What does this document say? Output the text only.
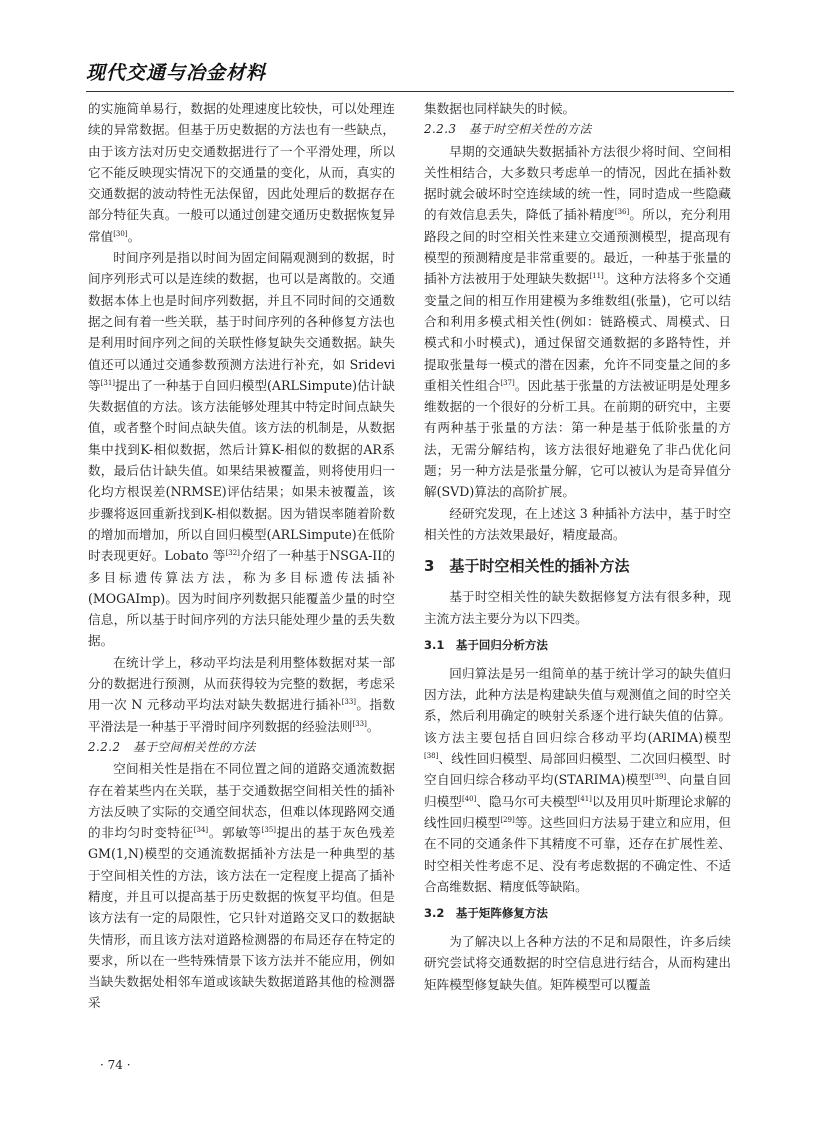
现代交通与冶金材料

的实施简单易行，数据的处理速度比较快，可以处理连续的异常数据。但基于历史数据的方法也有一些缺点，由于该方法对历史交通数据进行了一个平滑处理，所以它不能反映现实情况下的交通量的变化，从而，真实的交通数据的波动特性无法保留，因此处理后的数据存在部分特征失真。一般可以通过创建交通历史数据恢复异常值[30]。

时间序列是指以时间为固定间隔观测到的数据，时间序列形式可以是连续的数据，也可以是离散的。交通数据本体上也是时间序列数据，并且不同时间的交通数据之间有着一些关联，基于时间序列的各种修复方法也是利用时间序列之间的关联性修复缺失交通数据。缺失值还可以通过交通参数预测方法进行补充，如 Sridevi 等[31]提出了一种基于自回归模型(ARLSimpute)估计缺失数据值的方法。该方法能够处理其中特定时间点缺失值，或者整个时间点缺失值。该方法的机制是，从数据集中找到K-相似数据，然后计算K-相似的数据的AR系数，最后估计缺失值。如果结果被覆盖，则将使用归一化均方根误差(NRMSE)评估结果；如果未被覆盖，该步骤将返回重新找到K-相似数据。因为错误率随着阶数的增加而增加，所以自回归模型(ARLSimpute)在低阶时表现更好。Lobato 等[32]介绍了一种基于NSGA-II的多目标遗传算法方法，称为多目标遗传法插补(MOGAImp)。因为时间序列数据只能覆盖少量的时空信息，所以基于时间序列的方法只能处理少量的丢失数据。

在统计学上，移动平均法是利用整体数据对某一部分的数据进行预测，从而获得较为完整的数据，考虑采用一次 N 元移动平均法对缺失数据进行插补[33]。指数平滑法是一种基于平滑时间序列数据的经验法则[33]。

2.2.2　基于空间相关性的方法

空间相关性是指在不同位置之间的道路交通流数据存在着某些内在关联，基于交通数据空间相关性的插补方法反映了实际的交通空间状态，但难以体现路网交通的非均匀时变特征[34]。郭敏等[35]提出的基于灰色残差GM(1,N)模型的交通流数据插补方法是一种典型的基于空间相关性的方法，该方法在一定程度上提高了插补精度，并且可以提高基于历史数据的恢复平均值。但是该方法有一定的局限性，它只针对道路交叉口的数据缺失情形，而且该方法对道路检测器的布局还存在特定的要求，所以在一些特殊情景下该方法并不能应用，例如当缺失数据处相邻车道或该缺失数据道路其他的检测器采

集数据也同样缺失的时候。

2.2.3　基于时空相关性的方法

早期的交通缺失数据插补方法很少将时间、空间相关性相结合，大多数只考虑单一的情况，因此在插补数据时就会破坏时空连续域的统一性，同时造成一些隐藏的有效信息丢失，降低了插补精度[36]。所以，充分利用路段之间的时空相关性来建立交通预测模型，提高现有模型的预测精度是非常重要的。最近，一种基于张量的插补方法被用于处理缺失数据[11]。这种方法将多个交通变量之间的相互作用建模为多维数组(张量)，它可以结合和利用多模式相关性(例如：链路模式、周模式、日模式和小时模式)，通过保留交通数据的多路特性，并提取张量每一模式的潜在因素，允许不同变量之间的多重相关性组合[37]。因此基于张量的方法被证明是处理多维数据的一个很好的分析工具。在前期的研究中，主要有两种基于张量的方法：第一种是基于低阶张量的方法，无需分解结构，该方法很好地避免了非凸优化问题；另一种方法是张量分解，它可以被认为是奇异值分解(SVD)算法的高阶扩展。

经研究发现，在上述这 3 种插补方法中，基于时空相关性的方法效果最好，精度最高。

3　基于时空相关性的插补方法

基于时空相关性的缺失数据修复方法有很多种，现主流方法主要分为以下四类。

3.1　基于回归分析方法

回归算法是另一组简单的基于统计学习的缺失值归因方法，此种方法是构建缺失值与观测值之间的时空关系，然后利用确定的映射关系逐个进行缺失值的估算。该方法主要包括自回归综合移动平均(ARIMA)模型[38]、线性回归模型、局部回归模型、二次回归模型、时空自回归综合移动平均(STARIMA)模型[39]、向量自回归模型[40]、隐马尔可夫模型[41]以及用贝叶斯理论求解的线性回归模型[29]等。这些回归方法易于建立和应用，但在不同的交通条件下其精度不可靠，还存在扩展性差、时空相关性考虑不足、没有考虑数据的不确定性、不适合高维数据、精度低等缺陷。

3.2　基于矩阵修复方法

为了解决以上各种方法的不足和局限性，许多后续研究尝试将交通数据的时空信息进行结合，从而构建出矩阵模型修复缺失值。矩阵模型可以覆盖

· 74 ·
